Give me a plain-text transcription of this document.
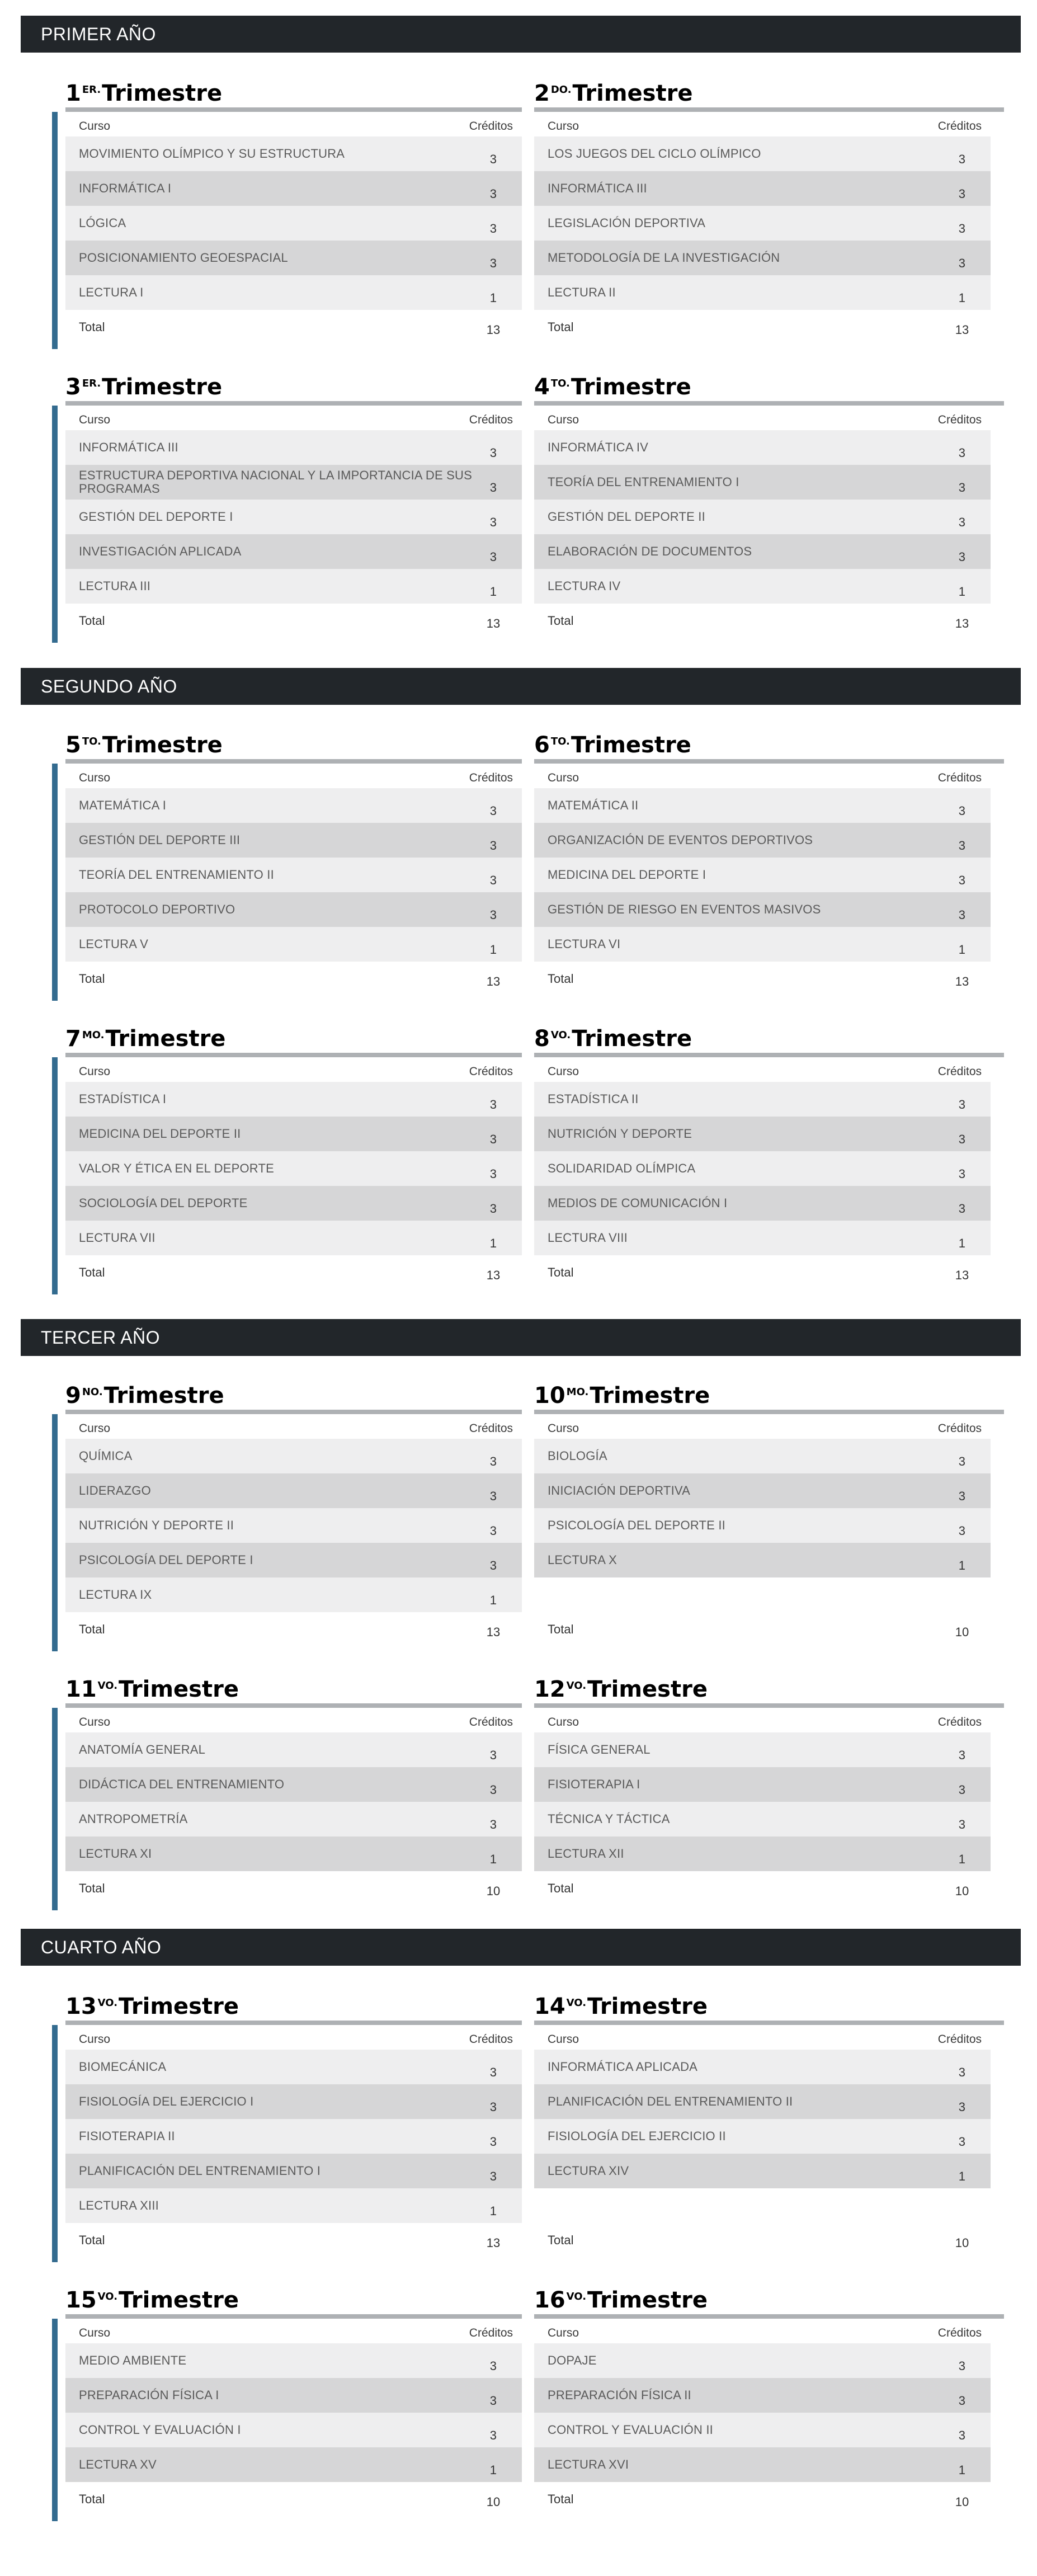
PRIMER AÑO
SEGUNDO AÑO
TERCER AÑO
CUARTO AÑO
1 $^{ER.}$Trimestre
Curso	Créditos
MOVIMIENTO OLÍMPICO Y SU ESTRUCTURA	3
INFORMÁTICA I	3
LÓGICA	3
POSICIONAMIENTO GEOESPACIAL	3
LECTURA I	1
Total	13
2 $^{DO.}$Trimestre
Curso	Créditos
LOS JUEGOS DEL CICLO OLÍMPICO	3
INFORMÁTICA III	3
LEGISLACIÓN DEPORTIVA	3
METODOLOGÍA DE LA INVESTIGACIÓN	3
LECTURA II	1
Total	13
3 $^{ER.}$Trimestre
Curso	Créditos
INFORMÁTICA III	3
ESTRUCTURA DEPORTIVA NACIONAL Y LA IMPORTANCIA DE SUS PROGRAMAS	3
GESTIÓN DEL DEPORTE I	3
INVESTIGACIÓN APLICADA	3
LECTURA III	1
Total	13
4 $^{TO.}$Trimestre
Curso	Créditos
INFORMÁTICA IV	3
TEORÍA DEL ENTRENAMIENTO I	3
GESTIÓN DEL DEPORTE II	3
ELABORACIÓN DE DOCUMENTOS	3
LECTURA IV	1
Total	13
5 $^{TO.}$Trimestre
Curso	Créditos
MATEMÁTICA I	3
GESTIÓN DEL DEPORTE III	3
TEORÍA DEL ENTRENAMIENTO II	3
PROTOCOLO DEPORTIVO	3
LECTURA V	1
Total	13
6 $^{TO.}$Trimestre
Curso	Créditos
MATEMÁTICA II	3
ORGANIZACIÓN DE EVENTOS DEPORTIVOS	3
MEDICINA DEL DEPORTE I	3
GESTIÓN DE RIESGO EN EVENTOS MASIVOS	3
LECTURA VI	1
Total	13
7 $^{MO.}$Trimestre
Curso	Créditos
ESTADÍSTICA I	3
MEDICINA DEL DEPORTE II	3
VALOR Y ÉTICA EN EL DEPORTE	3
SOCIOLOGÍA DEL DEPORTE	3
LECTURA VII	1
Total	13
8 $^{VO.}$Trimestre
Curso	Créditos
ESTADÍSTICA II	3
NUTRICIÓN Y DEPORTE	3
SOLIDARIDAD OLÍMPICA	3
MEDIOS DE COMUNICACIÓN I	3
LECTURA VIII	1
Total	13
9 $^{NO.}$Trimestre
Curso	Créditos
QUÍMICA	3
LIDERAZGO	3
NUTRICIÓN Y DEPORTE II	3
PSICOLOGÍA DEL DEPORTE I	3
LECTURA IX	1
Total	13
10 $^{MO.}$Trimestre
Curso	Créditos
BIOLOGÍA	3
INICIACIÓN DEPORTIVA	3
PSICOLOGÍA DEL DEPORTE II	3
LECTURA X	1
Total	10
11 $^{VO.}$Trimestre
Curso	Créditos
ANATOMÍA GENERAL	3
DIDÁCTICA DEL ENTRENAMIENTO	3
ANTROPOMETRÍA	3
LECTURA XI	1
Total	10
12 $^{VO.}$Trimestre
Curso	Créditos
FÍSICA GENERAL	3
FISIOTERAPIA I	3
TÉCNICA Y TÁCTICA	3
LECTURA XII	1
Total	10
13 $^{VO.}$Trimestre
Curso	Créditos
BIOMECÁNICA	3
FISIOLOGÍA DEL EJERCICIO I	3
FISIOTERAPIA II	3
PLANIFICACIÓN DEL ENTRENAMIENTO I	3
LECTURA XIII	1
Total	13
14 $^{VO.}$Trimestre
Curso	Créditos
INFORMÁTICA APLICADA	3
PLANIFICACIÓN DEL ENTRENAMIENTO II	3
FISIOLOGÍA DEL EJERCICIO II	3
LECTURA XIV	1
Total	10
15 $^{VO.}$Trimestre
Curso	Créditos
MEDIO AMBIENTE	3
PREPARACIÓN FÍSICA I	3
CONTROL Y EVALUACIÓN I	3
LECTURA XV	1
Total	10
16 $^{VO.}$Trimestre
Curso	Créditos
DOPAJE	3
PREPARACIÓN FÍSICA II	3
CONTROL Y EVALUACIÓN II	3
LECTURA XVI	1
Total	10
